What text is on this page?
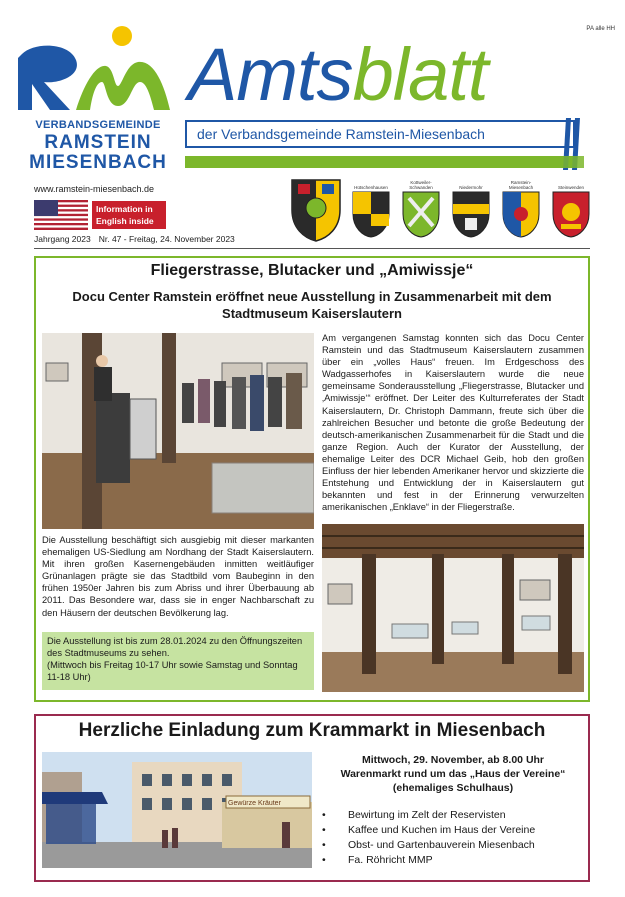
PA alle HH
VERBANDSGEMEINDE
RAMSTEIN
MIESENBACH
Amtsblatt
der Verbandsgemeinde Ramstein-Miesenbach
www.ramstein-miesenbach.de
Information in English inside
Jahrgang 2023 Nr. 47 - Freitag, 24. November 2023
Hütschenhausen
Kottweiler-Schwanden	Niedermohr
Ramstein-Miesenbach	Steinwenden
Fliegerstrasse, Blutacker und „Amiwissje“
Docu Center Ramstein eröffnet neue Ausstellung in Zusammenarbeit mit dem Stadtmuseum Kaiserslautern
Am vergangenen Samstag konnten sich das Docu Center Ramstein und das Stadtmuseum Kaiserslautern zusammen über ein „volles Haus“ freuen. Im Erdgeschoss des Wadgasserhofes in Kaiserslautern wurde die neue gemeinsame Sonderausstellung „Fliegerstrasse, Blutacker und ‚Amiwissje‘“ eröffnet. Der Leiter des Kulturreferates der Stadt Kaiserslautern, Dr. Christoph Dammann, freute sich über die zahlreichen Besucher und betonte die große Bedeutung der deutsch-amerikanischen Zusammenarbeit für die Stadt und die ganze Region. Auch der Kurator der Ausstellung, der ehemalige Leiter des DCR Michael Geib, hob den großen Einfluss der hier lebenden Amerikaner hervor und skizzierte die Entstehung und Entwicklung der in Kaiserslautern gut bekannten und fest in der Erinnerung verwurzelten amerikanischen „Enklave“ in der Fliegerstraße.
Die Ausstellung beschäftigt sich ausgiebig mit dieser markanten ehemaligen US-Siedlung am Nordhang der Stadt Kaiserslautern. Mit ihren großen Kasernengebäuden inmitten weitläufiger Grünanlagen prägte sie das Stadtbild vom Baubeginn in den frühen 1950er Jahren bis zum Abriss und ihrer Überbauung ab 2011. Das Besondere war, dass sie in enger Nachbarschaft zu den Häusern der deutschen Bevölkerung lag.
Die Ausstellung ist bis zum 28.01.2024 zu den Öffnungszeiten des Stadtmuseums zu sehen.
(Mittwoch bis Freitag 10-17 Uhr sowie Samstag und Sonntag 11-18 Uhr)
Herzliche Einladung zum Krammarkt in Miesenbach
Gewürze Kräuter
Mittwoch, 29. November, ab 8.00 Uhr
Warenmarkt rund um das „Haus der Vereine“
(ehemaliges Schulhaus)
• Bewirtung im Zelt der Reservisten
• Kaffee und Kuchen im Haus der Vereine
• Obst- und Gartenbauverein Miesenbach
• Fa. Röhricht MMP
